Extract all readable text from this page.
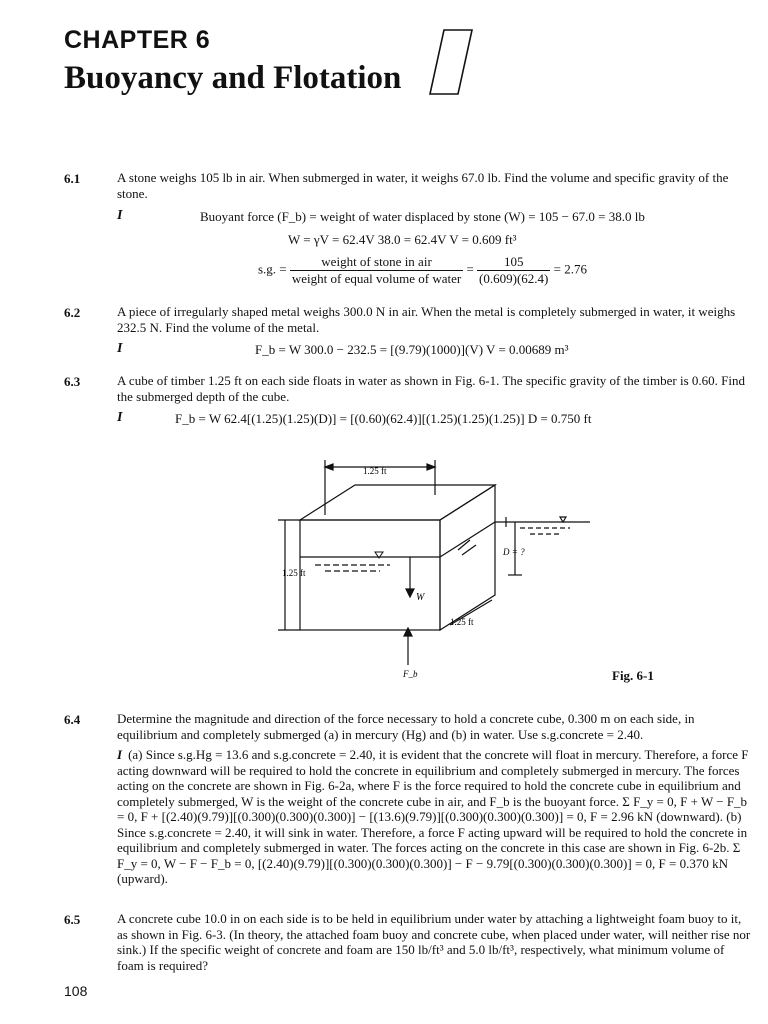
CHAPTER 6
Buoyancy and Flotation
6.1	A stone weighs 105 lb in air. When submerged in water, it weighs 67.0 lb. Find the volume and specific gravity of the stone.
I	Buoyant force (F_b) = weight of water displaced by stone (W) = 105 − 67.0 = 38.0 lb
W = γV = 62.4V 38.0 = 62.4V V = 0.609 ft³
s.g. = $\frac{\text{weight of stone in air}}{\text{weight of equal volume of water}} = \frac{105}{(0.609)(62.4)} = 2.76$
6.2	A piece of irregularly shaped metal weighs 300.0 N in air. When the metal is completely submerged in water, it weighs 232.5 N. Find the volume of the metal.
I	F_b = W 300.0 − 232.5 = [(9.79)(1000)](V) V = 0.00689 m³
6.3	A cube of timber 1.25 ft on each side floats in water as shown in Fig. 6-1. The specific gravity of the timber is 0.60. Find the submerged depth of the cube.
I	F_b = W 62.4[(1.25)(1.25)(D)] = [(0.60)(62.4)][(1.25)(1.25)(1.25)] D = 0.750 ft
1.25 ft
1.25 ft
1.25 ft
D = ?
W
F_b	Fig. 6-1
6.4	Determine the magnitude and direction of the force necessary to hold a concrete cube, 0.300 m on each side, in equilibrium and completely submerged (a) in mercury (Hg) and (b) in water. Use s.g.concrete = 2.40.
I (a) Since s.g.Hg = 13.6 and s.g.concrete = 2.40, it is evident that the concrete will float in mercury. Therefore, a force F acting downward will be required to hold the concrete in equilibrium and completely submerged in mercury. The forces acting on the concrete are shown in Fig. 6-2a, where F is the force required to hold the concrete cube in equilibrium and completely submerged, W is the weight of the concrete cube in air, and F_b is the buoyant force. Σ F_y = 0, F + W − F_b = 0, F + [(2.40)(9.79)][(0.300)(0.300)(0.300)] − [(13.6)(9.79)][(0.300)(0.300)(0.300)] = 0, F = 2.96 kN (downward). (b) Since s.g.concrete = 2.40, it will sink in water. Therefore, a force F acting upward will be required to hold the concrete in equilibrium and completely submerged in water. The forces acting on the concrete in this case are shown in Fig. 6-2b. Σ F_y = 0, W − F − F_b = 0, [(2.40)(9.79)][(0.300)(0.300)(0.300)] − F − 9.79[(0.300)(0.300)(0.300)] = 0, F = 0.370 kN (upward).
6.5	A concrete cube 10.0 in on each side is to be held in equilibrium under water by attaching a lightweight foam buoy to it, as shown in Fig. 6-3. (In theory, the attached foam buoy and concrete cube, when placed under water, will neither rise nor sink.) If the specific weight of concrete and foam are 150 lb/ft³ and 5.0 lb/ft³, respectively, what minimum volume of foam is required?
108
